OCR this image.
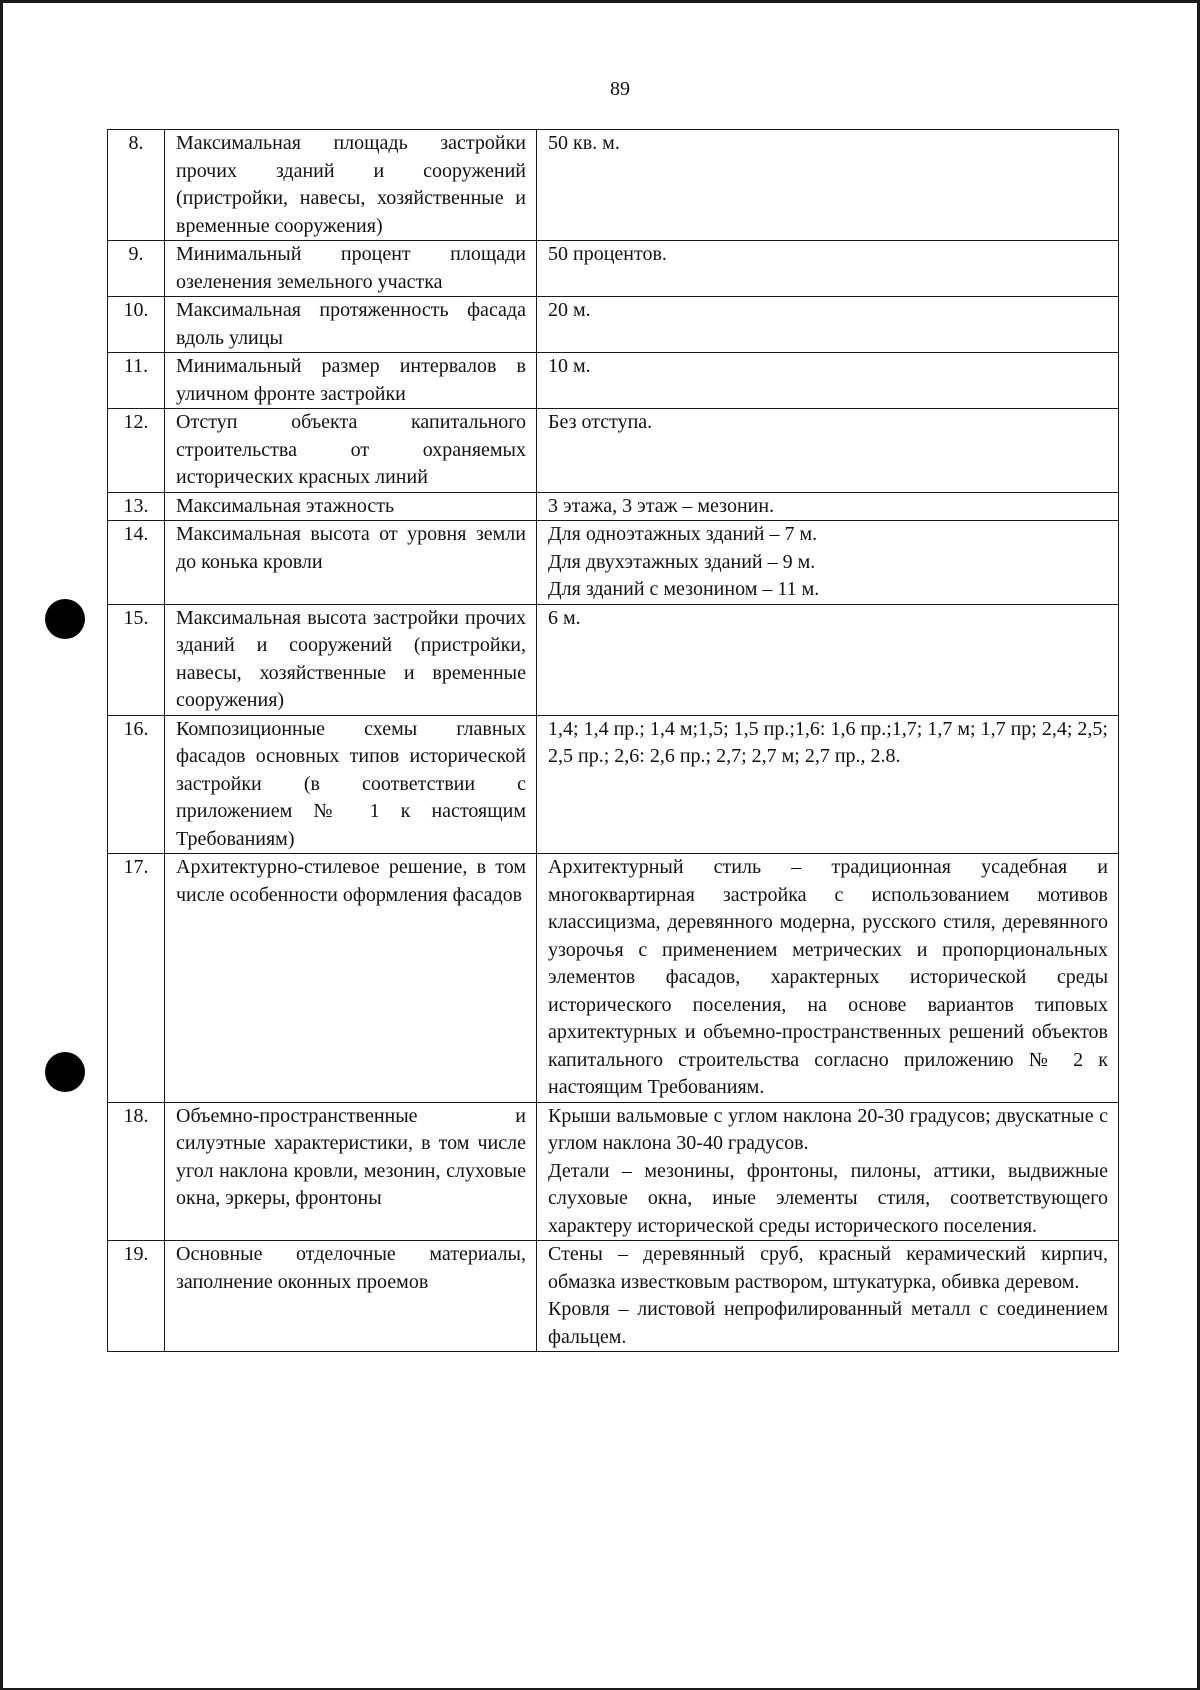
89
8.	Максимальная площадь застройки прочих зданий и сооружений (пристройки, навесы, хозяйственные и временные сооружения)	50 кв. м.

9.	Минимальный процент площади озеленения земельного участка	50 процентов.

10.	Максимальная протяженность фасада вдоль улицы	20 м.

11.	Минимальный размер интервалов в уличном фронте застройки	10 м.

12.	Отступ объекта капитального строительства от охраняемых исторических красных линий	Без отступа.

13.	Максимальная этажность	3 этажа, 3 этаж – мезонин.

14.	Максимальная высота от уровня земли до конька кровли	Для одноэтажных зданий – 7 м.
Для двухэтажных зданий – 9 м.
Для зданий с мезонином – 11 м.

15.	Максимальная высота застройки прочих зданий и сооружений (пристройки, навесы, хозяйственные и временные сооружения)	6 м.

16.	Композиционные схемы главных фасадов основных типов исторической застройки (в соответствии с приложением № 1 к настоящим Требованиям)	1,4; 1,4 пр.; 1,4 м;1,5; 1,5 пр.;1,6: 1,6 пр.;1,7; 1,7 м; 1,7 пр; 2,4; 2,5; 2,5 пр.; 2,6: 2,6 пр.; 2,7; 2,7 м; 2,7 пр., 2.8.

17.	Архитектурно-стилевое решение, в том числе особенности оформления фасадов	Архитектурный стиль – традиционная усадебная и многоквартирная застройка с использованием мотивов классицизма, деревянного модерна, русского стиля, деревянного узорочья с применением метрических и пропорциональных элементов фасадов, характерных исторической среды исторического поселения, на основе вариантов типовых архитектурных и объемно-пространственных решений объектов капитального строительства согласно приложению № 2 к настоящим Требованиям.

18.	Объемно-пространственные и силуэтные характеристики, в том числе угол наклона кровли, мезонин, слуховые окна, эркеры, фронтоны	Крыши вальмовые с углом наклона 20-30 градусов; двускатные с углом наклона 30-40 градусов.
Детали – мезонины, фронтоны, пилоны, аттики, выдвижные слуховые окна, иные элементы стиля, соответствующего характеру исторической среды исторического поселения.

19.	Основные отделочные материалы, заполнение оконных проемов	Стены – деревянный сруб, красный керамический кирпич, обмазка известковым раствором, штукатурка, обивка деревом.
Кровля – листовой непрофилированный металл с соединением фальцем.
